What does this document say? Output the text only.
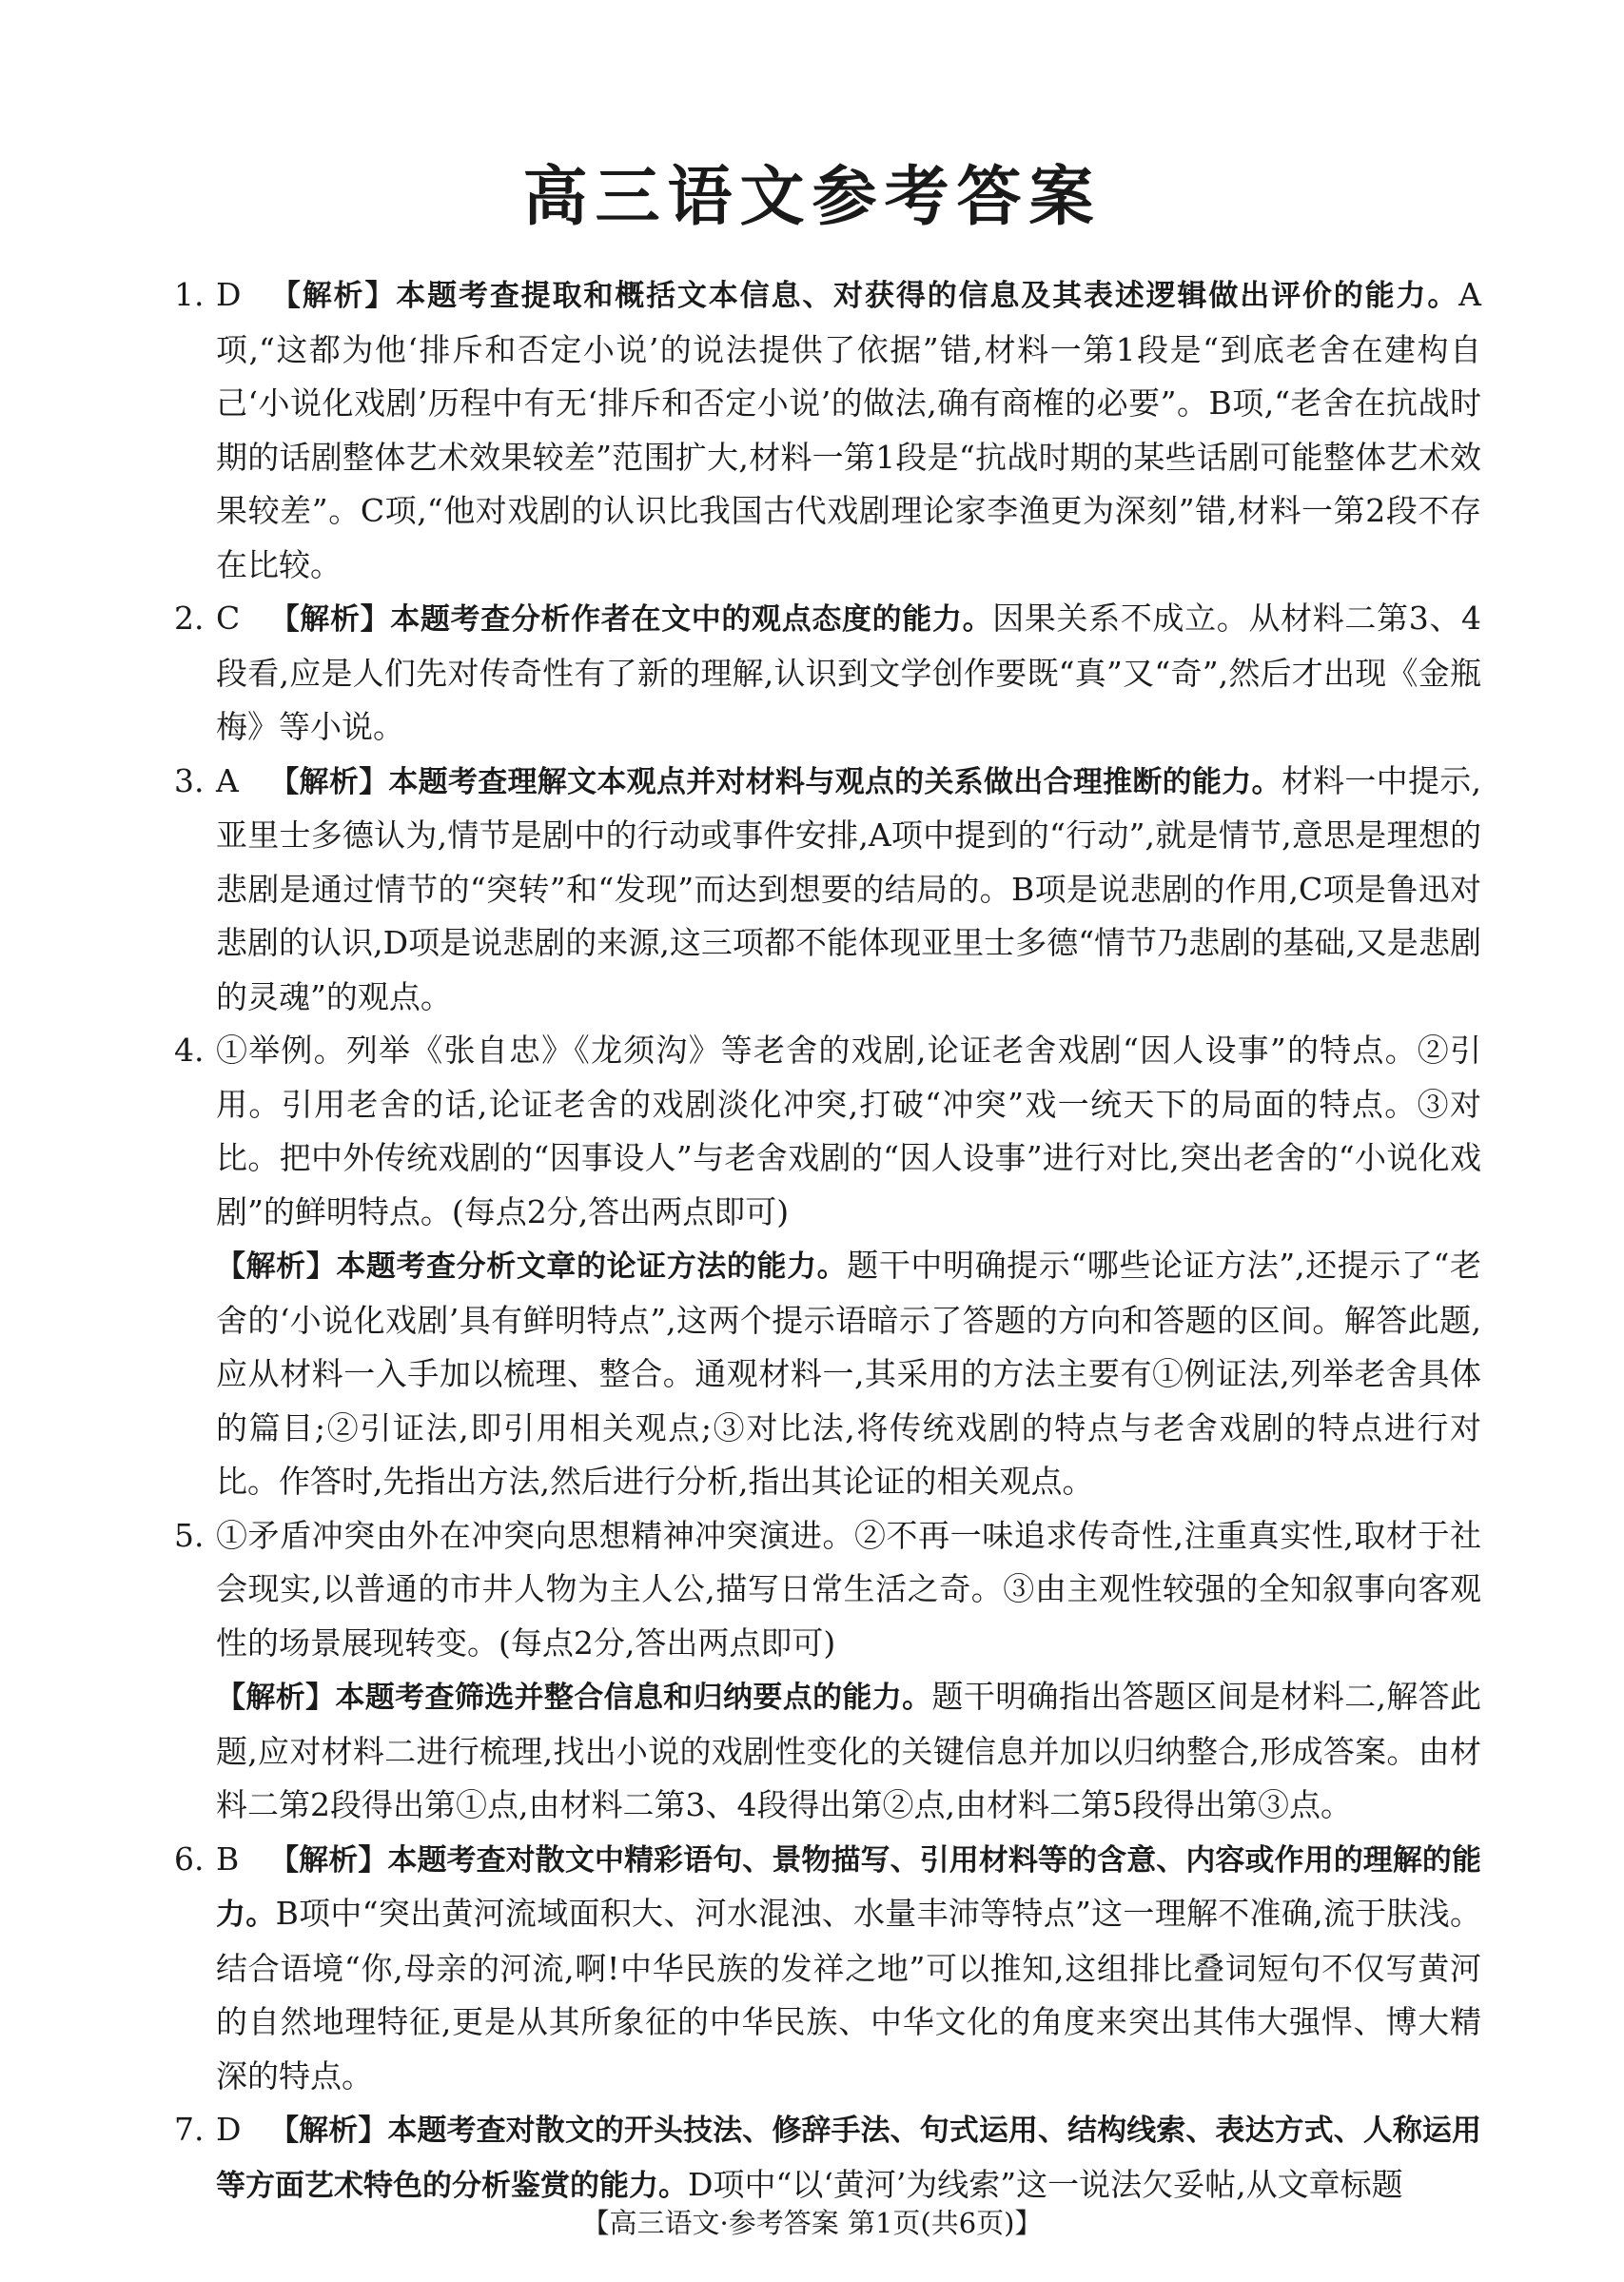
高三语文参考答案
1. D 【解析】本题考查提取和概括文本信息、对获得的信息及其表述逻辑做出评价的能力。A项,“这都为他‘排斥和否定小说’的说法提供了依据”错,材料一第1段是“到底老舍在建构自己‘小说化戏剧’历程中有无‘排斥和否定小说’的做法,确有商榷的必要”。B项,“老舍在抗战时期的话剧整体艺术效果较差”范围扩大,材料一第1段是“抗战时期的某些话剧可能整体艺术效果较差”。C项,“他对戏剧的认识比我国古代戏剧理论家李渔更为深刻”错,材料一第2段不存在比较。
2. C 【解析】本题考查分析作者在文中的观点态度的能力。因果关系不成立。从材料二第3、4段看,应是人们先对传奇性有了新的理解,认识到文学创作要既“真”又“奇”,然后才出现《金瓶梅》等小说。
3. A 【解析】本题考查理解文本观点并对材料与观点的关系做出合理推断的能力。材料一中提示,亚里士多德认为,情节是剧中的行动或事件安排,A项中提到的“行动”,就是情节,意思是理想的悲剧是通过情节的“突转”和“发现”而达到想要的结局的。B项是说悲剧的作用,C项是鲁迅对悲剧的认识,D项是说悲剧的来源,这三项都不能体现亚里士多德“情节乃悲剧的基础,又是悲剧的灵魂”的观点。
4. ①举例。列举《张自忠》《龙须沟》等老舍的戏剧,论证老舍戏剧“因人设事”的特点。②引用。引用老舍的话,论证老舍的戏剧淡化冲突,打破“冲突”戏一统天下的局面的特点。③对比。把中外传统戏剧的“因事设人”与老舍戏剧的“因人设事”进行对比,突出老舍的“小说化戏剧”的鲜明特点。(每点2分,答出两点即可)

【解析】本题考查分析文章的论证方法的能力。题干中明确提示“哪些论证方法”,还提示了“老舍的‘小说化戏剧’具有鲜明特点”,这两个提示语暗示了答题的方向和答题的区间。解答此题,应从材料一入手加以梳理、整合。通观材料一,其采用的方法主要有①例证法,列举老舍具体的篇目;②引证法,即引用相关观点;③对比法,将传统戏剧的特点与老舍戏剧的特点进行对比。作答时,先指出方法,然后进行分析,指出其论证的相关观点。

5. ①矛盾冲突由外在冲突向思想精神冲突演进。②不再一味追求传奇性,注重真实性,取材于社会现实,以普通的市井人物为主人公,描写日常生活之奇。③由主观性较强的全知叙事向客观性的场景展现转变。(每点2分,答出两点即可)

【解析】本题考查筛选并整合信息和归纳要点的能力。题干明确指出答题区间是材料二,解答此题,应对材料二进行梳理,找出小说的戏剧性变化的关键信息并加以归纳整合,形成答案。由材料二第2段得出第①点,由材料二第3、4段得出第②点,由材料二第5段得出第③点。

6. B 【解析】本题考查对散文中精彩语句、景物描写、引用材料等的含意、内容或作用的理解的能力。B项中“突出黄河流域面积大、河水混浊、水量丰沛等特点”这一理解不准确,流于肤浅。结合语境“你,母亲的河流,啊!中华民族的发祥之地”可以推知,这组排比叠词短句不仅写黄河的自然地理特征,更是从其所象征的中华民族、中华文化的角度来突出其伟大强悍、博大精深的特点。
7. D 【解析】本题考查对散文的开头技法、修辞手法、句式运用、结构线索、表达方式、人称运用等方面艺术特色的分析鉴赏的能力。D项中“以‘黄河’为线索”这一说法欠妥帖,从文章标题
【高三语文·参考答案 第1页(共6页)】
